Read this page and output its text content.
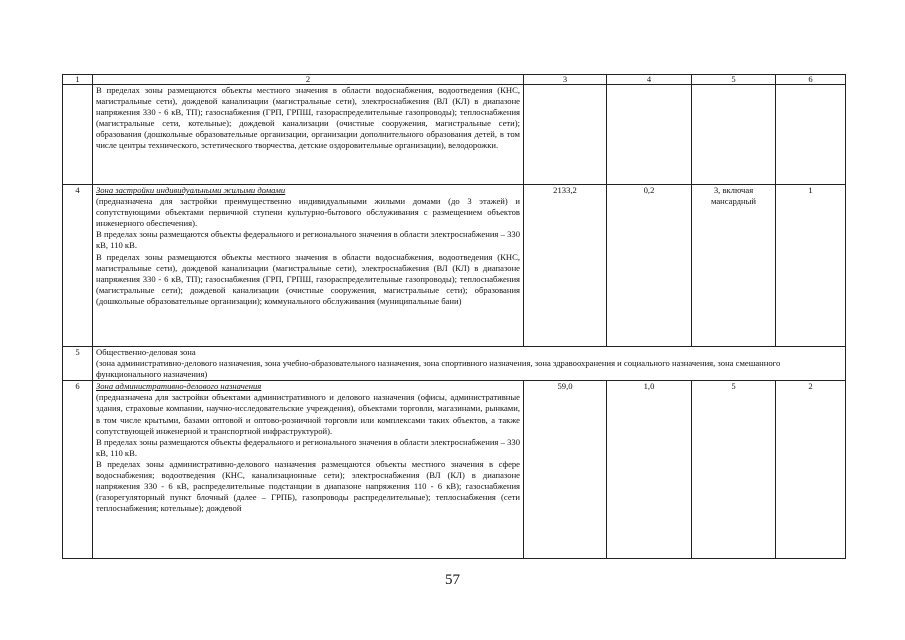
1	2	3	4	5	6
	В пределах зоны размещаются объекты местного значения в области водоснабжения, водоотведения (КНС, магистральные сети), дождевой канализации (магистральные сети), электроснабжения (ВЛ (КЛ) в диапазоне напряжения 330 - 6 кВ, ТП); газоснабжения (ГРП, ГРПШ, газораспределительные газопроводы); теплоснабжения (магистральные сети, котельные); дождевой канализации (очистные сооружения, магистральные сети); образования (дошкольные образовательные организации, организации дополнительного образования детей, в том числе центры технического, эстетического творчества, детские оздоровительные организации), велодорожки.				
4	Зона застройки индивидуальными жилыми домами

(предназначена для застройки преимущественно индивидуальными жилыми домами (до 3 этажей) и сопутствующими объектами первичной ступени культурно-бытового обслуживания с размещением объектов инженерного обеспечения).

В пределах зоны размещаются объекты федерального и регионального значения в области электроснабжения – 330 кВ, 110 кВ.

В пределах зоны размещаются объекты местного значения в области водоснабжения, водоотведения (КНС, магистральные сети), дождевой канализации (магистральные сети), электроснабжения (ВЛ (КЛ) в диапазоне напряжения 330 - 6 кВ, ТП); газоснабжения (ГРП, ГРПШ, газораспределительные газопроводы); теплоснабжения (магистральные сети); дождевой канализации (очистные сооружения, магистральные сети); образования (дошкольные образовательные организации); коммунального обслуживания (муниципальные бани)	2133,2	0,2	3, включая мансардный	1
5	Общественно-деловая зона

(зона административно-делового назначения, зона учебно-образовательного назначения, зона спортивного назначения, зона здравоохранения и социального назначения, зона смешанного функционального назначения)				

6	Зона административно-делового назначения

(предназначена для застройки объектами административного и делового назначения (офисы, административные здания, страховые компании, научно-исследовательские учреждения), объектами торговли, магазинами, рынками, в том числе крытыми, базами оптовой и оптово-розничной торговли или комплексами таких объектов, а также сопутствующей инженерной и транспортной инфраструктурой).

В пределах зоны размещаются объекты федерального и регионального значения в области электроснабжения – 330 кВ, 110 кВ.

В пределах зоны административно-делового назначения размещаются объекты местного значения в сфере водоснабжения; водоотведения (КНС, канализационные сети); электроснабжения (ВЛ (КЛ) в диапазоне напряжения 330 - 6 кВ, распределительные подстанции в диапазоне напряжения 110 - 6 кВ); газоснабжения (газорегуляторный пункт блочный (далее – ГРПБ), газопроводы распределительные); теплоснабжения (сети теплоснабжения; котельные); дождевой	59,0	1,0	5	2
57
